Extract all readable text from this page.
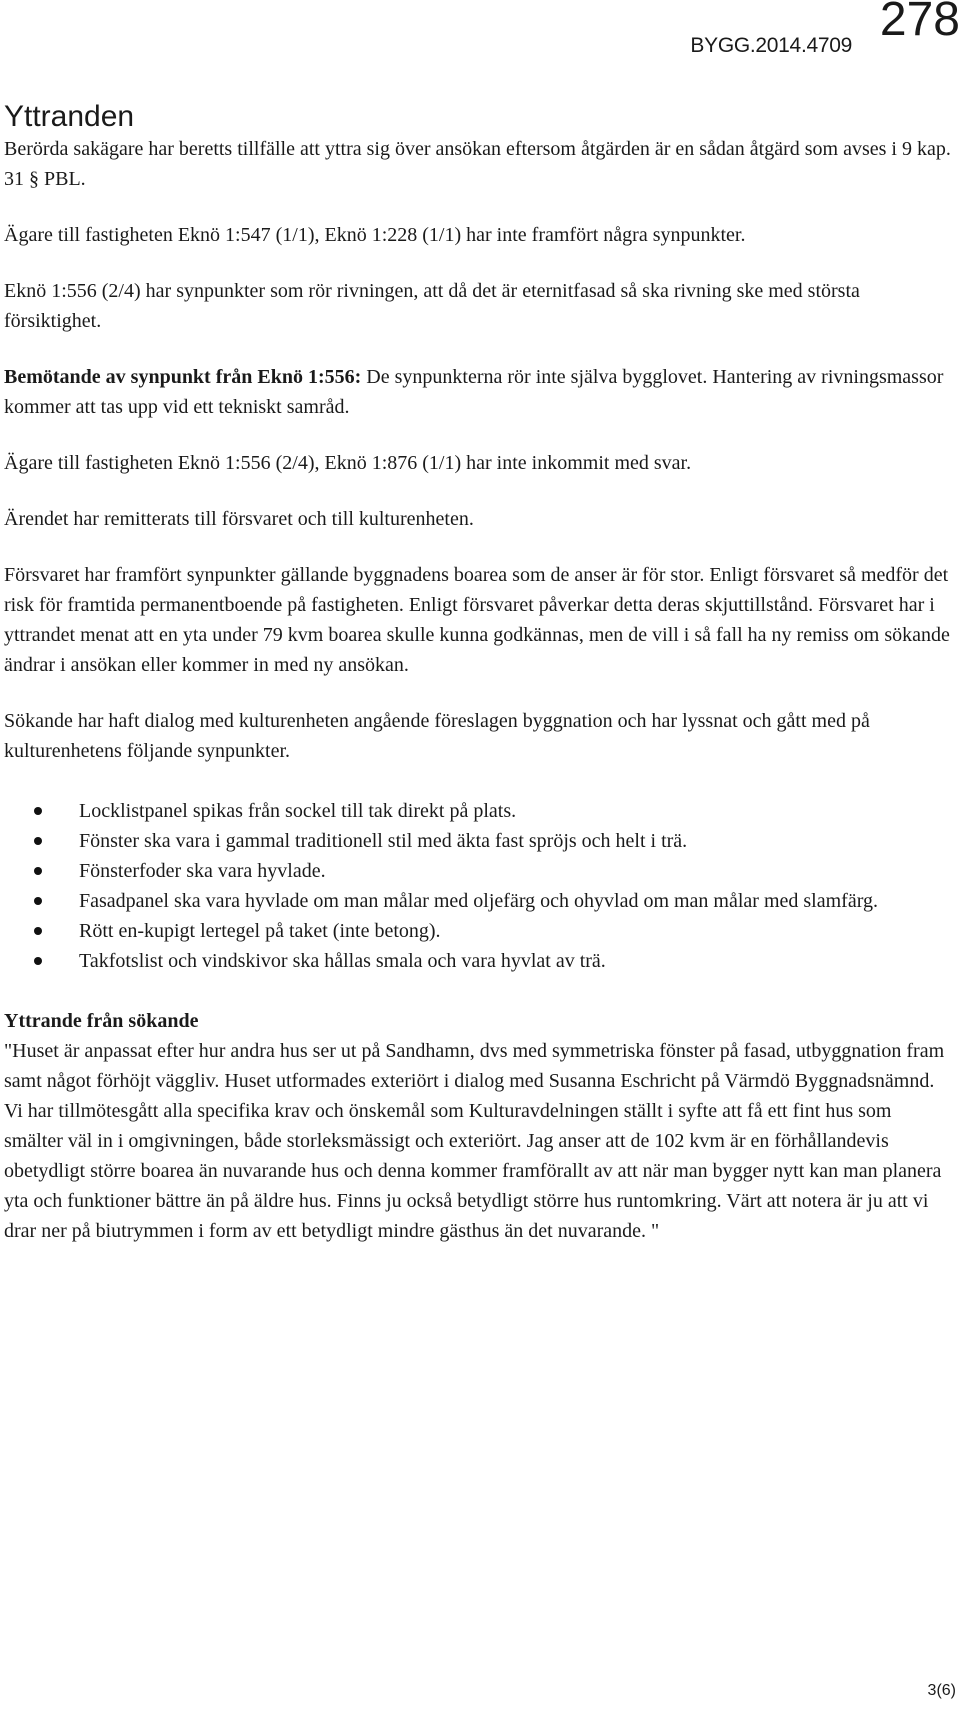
BYGG.2014.4709 278
Yttranden

Berörda sakägare har beretts tillfälle att yttra sig över ansökan eftersom åtgärden är en sådan åtgärd som avses i 9 kap. 31 § PBL.

Ägare till fastigheten Eknö 1:547 (1/1), Eknö 1:228 (1/1) har inte framfört några synpunkter.

Eknö 1:556 (2/4) har synpunkter som rör rivningen, att då det är eternitfasad så ska rivning ske med största försiktighet.

Bemötande av synpunkt från Eknö 1:556: De synpunkterna rör inte själva bygglovet. Hantering av rivningsmassor kommer att tas upp vid ett tekniskt samråd.

Ägare till fastigheten Eknö 1:556 (2/4), Eknö 1:876 (1/1) har inte inkommit med svar.

Ärendet har remitterats till försvaret och till kulturenheten.

Försvaret har framfört synpunkter gällande byggnadens boarea som de anser är för stor. Enligt försvaret så medför det risk för framtida permanentboende på fastigheten. Enligt försvaret påverkar detta deras skjuttillstånd. Försvaret har i yttrandet menat att en yta under 79 kvm boarea skulle kunna godkännas, men de vill i så fall ha ny remiss om sökande ändrar i ansökan eller kommer in med ny ansökan.

Sökande har haft dialog med kulturenheten angående föreslagen byggnation och har lyssnat och gått med på kulturenhetens följande synpunkter.

Locklistpanel spikas från sockel till tak direkt på plats.
Fönster ska vara i gammal traditionell stil med äkta fast spröjs och helt i trä.
Fönsterfoder ska vara hyvlade.
Fasadpanel ska vara hyvlade om man målar med oljefärg och ohyvlad om man målar med slamfärg.
Rött en-kupigt lertegel på taket (inte betong).
Takfotslist och vindskivor ska hållas smala och vara hyvlat av trä.

Yttrande från sökande

"Huset är anpassat efter hur andra hus ser ut på Sandhamn, dvs med symmetriska fönster på fasad, utbyggnation fram samt något förhöjt väggliv. Huset utformades exteriört i dialog med Susanna Eschricht på Värmdö Byggnadsnämnd. Vi har tillmötesgått alla specifika krav och önskemål som Kulturavdelningen ställt i syfte att få ett fint hus som smälter väl in i omgivningen, både storleksmässigt och exteriört. Jag anser att de 102 kvm är en förhållandevis obetydligt större boarea än nuvarande hus och denna kommer framförallt av att när man bygger nytt kan man planera yta och funktioner bättre än på äldre hus. Finns ju också betydligt större hus runtomkring. Värt att notera är ju att vi drar ner på biutrymmen i form av ett betydligt mindre gästhus än det nuvarande. "

3(6)
